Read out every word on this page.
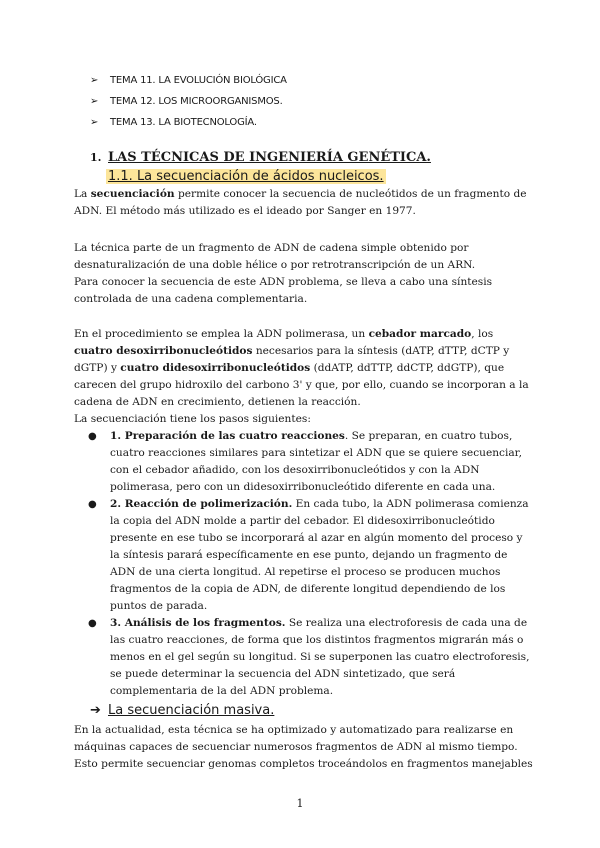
➢ TEMA 11. LA EVOLUCIÓN BIOLÓGICA
➢ TEMA 12. LOS MICROORGANISMOS.
➢ TEMA 13. LA BIOTECNOLOGÍA.
1. LAS TÉCNICAS DE INGENIERÍA GENÉTICA.
1.1. La secuenciación de ácidos nucleicos.

La secuenciación permite conocer la secuencia de nucleótidos de un fragmento de ADN. El método más utilizado es el ideado por Sanger en 1977.

La técnica parte de un fragmento de ADN de cadena simple obtenido por desnaturalización de una doble hélice o por retrotranscripción de un ARN.

Para conocer la secuencia de este ADN problema, se lleva a cabo una síntesis controlada de una cadena complementaria.

En el procedimiento se emplea la ADN polimerasa, un cebador marcado, los cuatro desoxirribonucleótidos necesarios para la síntesis (dATP, dTTP, dCTP y dGTP) y cuatro didesoxirribonucleótidos (ddATP, ddTTP, ddCTP, ddGTP), que carecen del grupo hidroxilo del carbono 3' y que, por ello, cuando se incorporan a la cadena de ADN en crecimiento, detienen la reacción.

La secuenciación tiene los pasos siguientes:

● 1. Preparación de las cuatro reacciones. Se preparan, en cuatro tubos, cuatro reacciones similares para sintetizar el ADN que se quiere secuenciar, con el cebador añadido, con los desoxirribonucleótidos y con la ADN polimerasa, pero con un didesoxirribonucleótido diferente en cada una.
● 2. Reacción de polimerización. En cada tubo, la ADN polimerasa comienza la copia del ADN molde a partir del cebador. El didesoxirribonucleótido presente en ese tubo se incorporará al azar en algún momento del proceso y la síntesis parará específicamente en ese punto, dejando un fragmento de ADN de una cierta longitud. Al repetirse el proceso se producen muchos fragmentos de la copia de ADN, de diferente longitud dependiendo de los puntos de parada.
● 3. Análisis de los fragmentos. Se realiza una electroforesis de cada una de las cuatro reacciones, de forma que los distintos fragmentos migrarán más o menos en el gel según su longitud. Si se superponen las cuatro electroforesis, se puede determinar la secuencia del ADN sintetizado, que será complementaria de la del ADN problema.
➔ La secuenciación masiva.

En la actualidad, esta técnica se ha optimizado y automatizado para realizarse en máquinas capaces de secuenciar numerosos fragmentos de ADN al mismo tiempo. Esto permite secuenciar genomas completos troceándolos en fragmentos manejables

1
